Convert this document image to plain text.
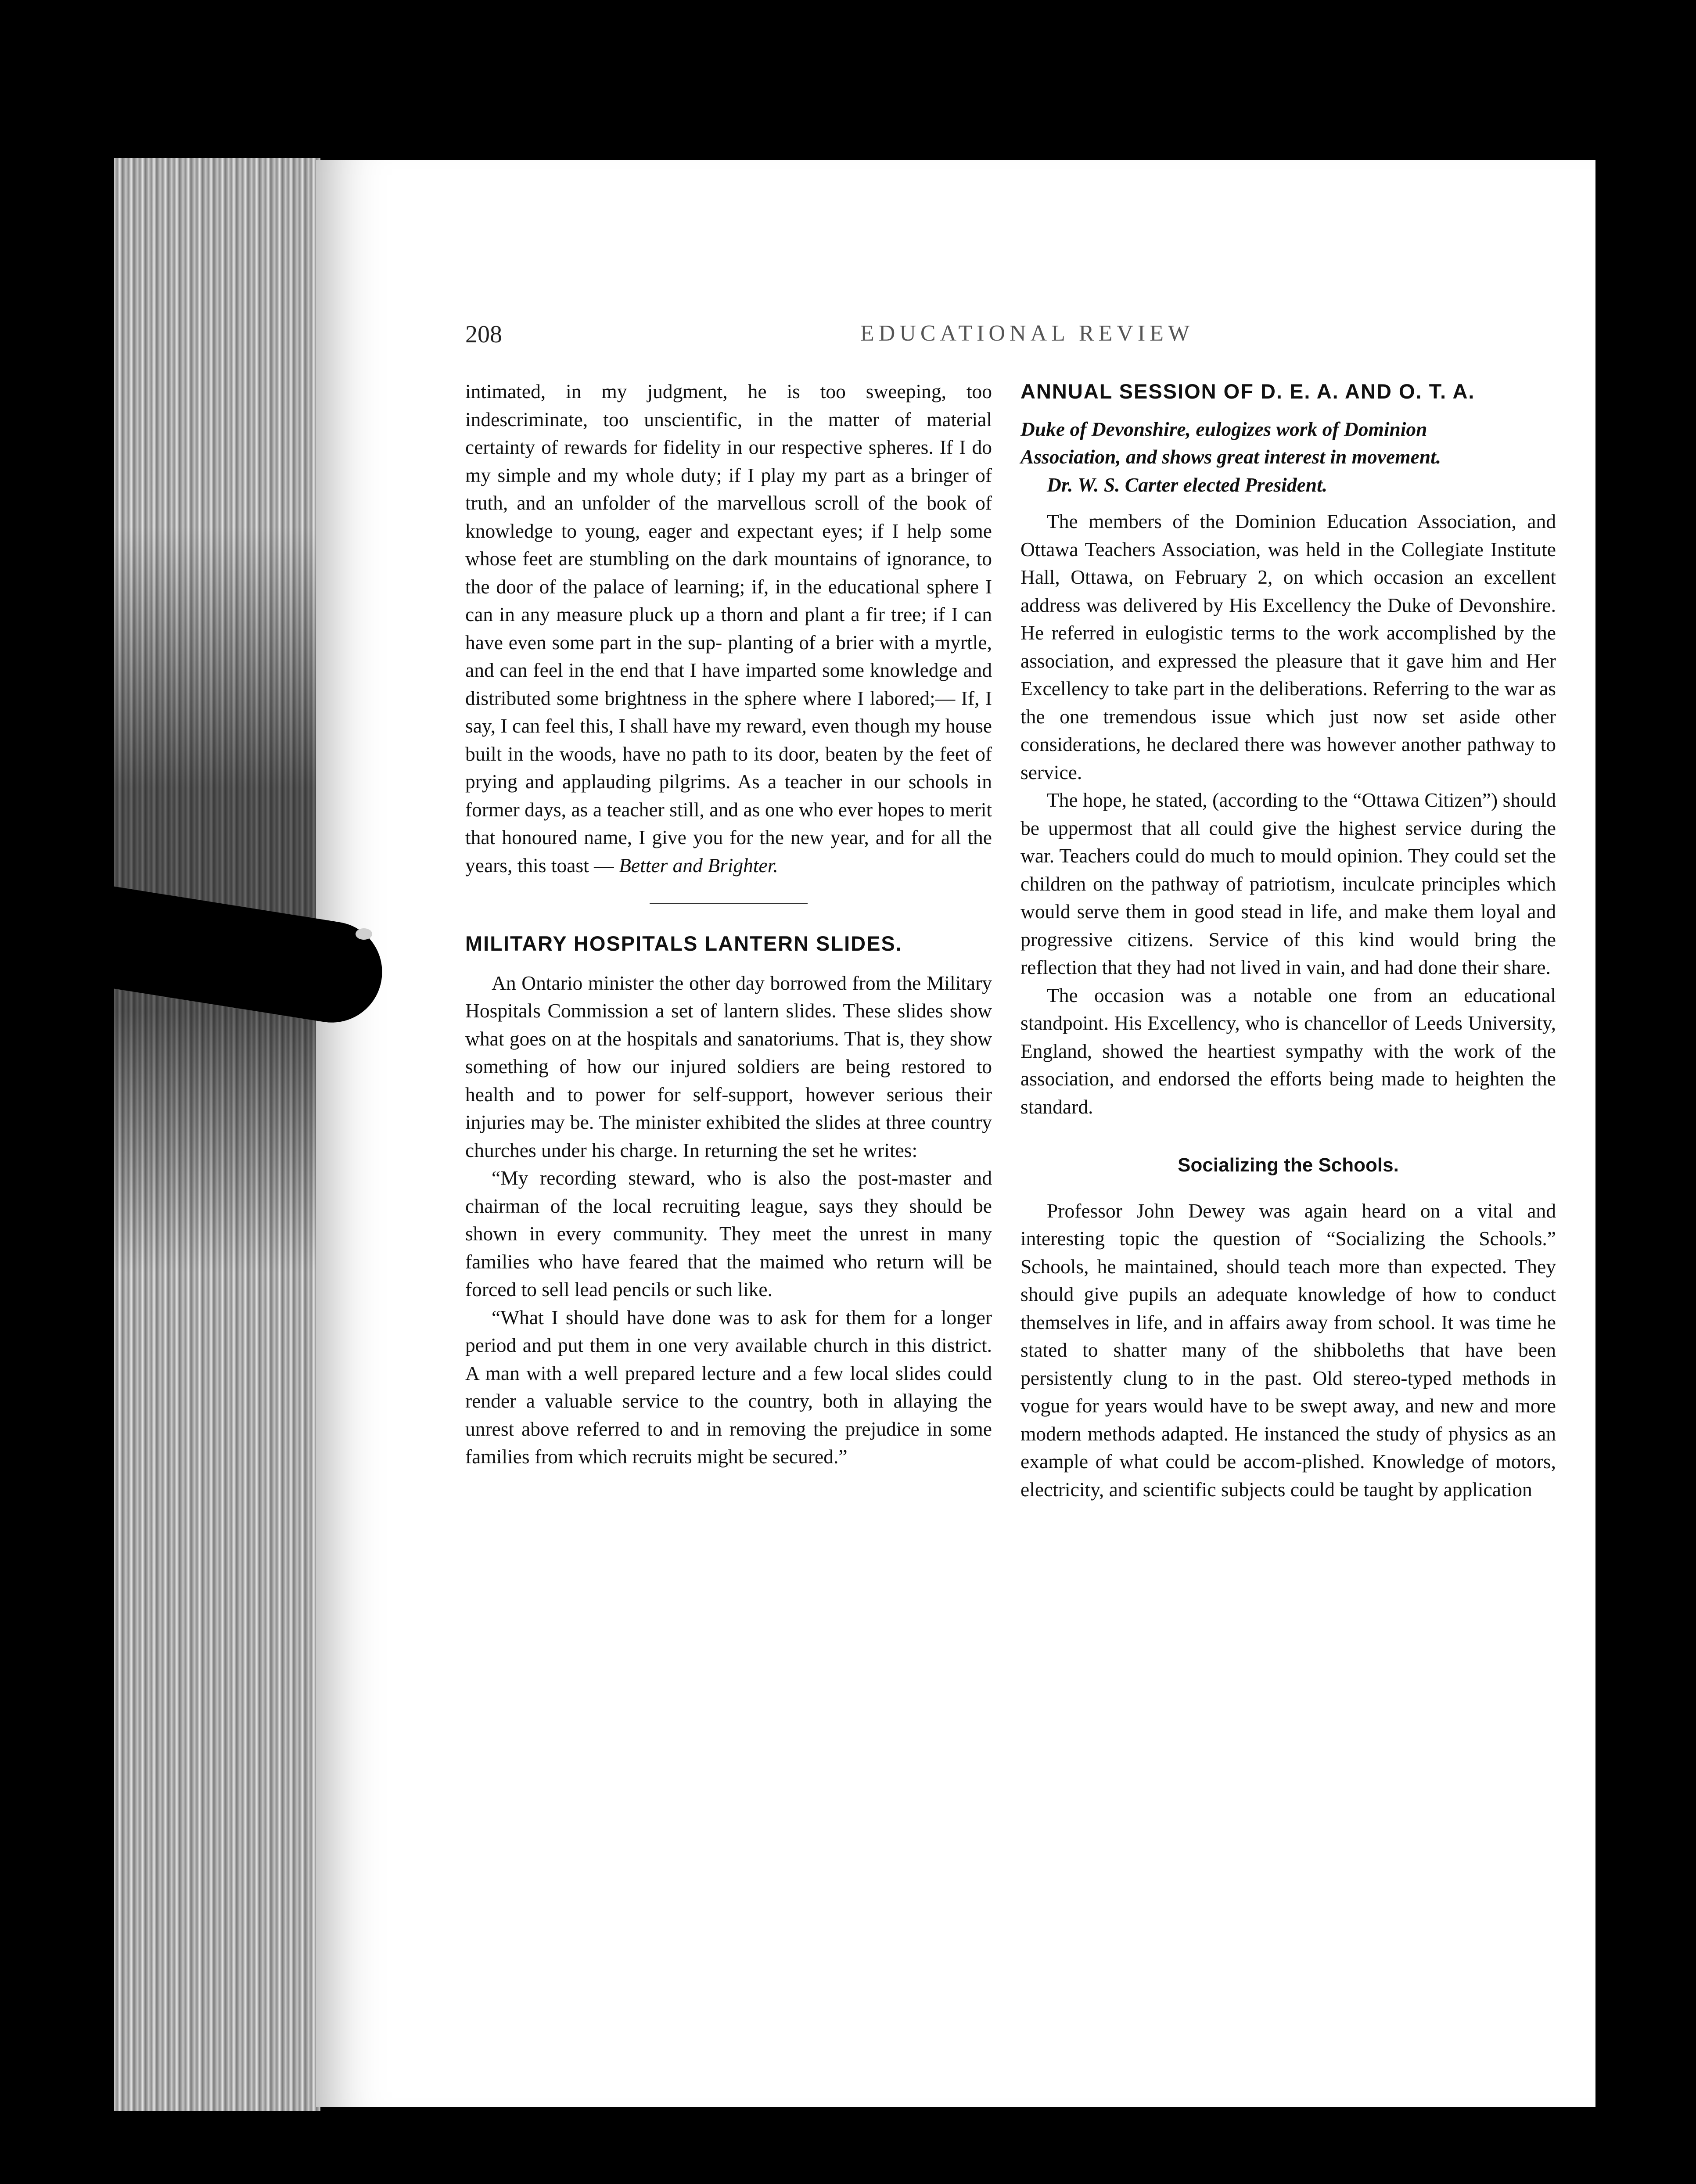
208	EDUCATIONAL REVIEW

intimated, in my judgment, he is too sweeping, too indescriminate, too unscientific, in the matter of material certainty of rewards for fidelity in our respective spheres. If I do my simple and my whole duty; if I play my part as a bringer of truth, and an unfolder of the marvellous scroll of the book of knowledge to young, eager and expectant eyes; if I help some whose feet are stumbling on the dark mountains of ignorance, to the door of the palace of learning; if, in the educational sphere I can in any measure pluck up a thorn and plant a fir tree; if I can have even some part in the sup- planting of a brier with a myrtle, and can feel in the end that I have imparted some knowledge and distributed some brightness in the sphere where I labored;— If, I say, I can feel this, I shall have my reward, even though my house built in the woods, have no path to its door, beaten by the feet of prying and applauding pilgrims. As a teacher in our schools in former days, as a teacher still, and as one who ever hopes to merit that honoured name, I give you for the new year, and for all the years, this toast — Better and Brighter.

MILITARY HOSPITALS LANTERN SLIDES.

An Ontario minister the other day borrowed from the Military Hospitals Commission a set of lantern slides. These slides show what goes on at the hospitals and sanatoriums. That is, they show something of how our injured soldiers are being restored to health and to power for self-support, however serious their injuries may be. The minister exhibited the slides at three country churches under his charge. In returning the set he writes:

“My recording steward, who is also the post-master and chairman of the local recruiting league, says they should be shown in every community. They meet the unrest in many families who have feared that the maimed who return will be forced to sell lead pencils or such like.

“What I should have done was to ask for them for a longer period and put them in one very available church in this district. A man with a well prepared lecture and a few local slides could render a valuable service to the country, both in allaying the unrest above referred to and in removing the prejudice in some families from which recruits might be secured.”

ANNUAL SESSION OF D. E. A. AND O. T. A.

Duke of Devonshire, eulogizes work of Dominion
Association, and shows great interest in movement.
Dr. W. S. Carter elected President.

The members of the Dominion Education Association, and Ottawa Teachers Association, was held in the Collegiate Institute Hall, Ottawa, on February 2, on which occasion an excellent address was delivered by His Excellency the Duke of Devonshire. He referred in eulogistic terms to the work accomplished by the association, and expressed the pleasure that it gave him and Her Excellency to take part in the deliberations. Referring to the war as the one tremendous issue which just now set aside other considerations, he declared there was however another pathway to service.

The hope, he stated, (according to the “Ottawa Citizen”) should be uppermost that all could give the highest service during the war. Teachers could do much to mould opinion. They could set the children on the pathway of patriotism, inculcate principles which would serve them in good stead in life, and make them loyal and progressive citizens. Service of this kind would bring the reflection that they had not lived in vain, and had done their share.

The occasion was a notable one from an educational standpoint. His Excellency, who is chancellor of Leeds University, England, showed the heartiest sympathy with the work of the association, and endorsed the efforts being made to heighten the standard.

Socializing the Schools.

Professor John Dewey was again heard on a vital and interesting topic the question of “Socializing the Schools.” Schools, he maintained, should teach more than expected. They should give pupils an adequate knowledge of how to conduct themselves in life, and in affairs away from school. It was time he stated to shatter many of the shibboleths that have been persistently clung to in the past. Old stereo-typed methods in vogue for years would have to be swept away, and new and more modern methods adapted. He instanced the study of physics as an example of what could be accom-plished. Knowledge of motors, electricity, and scientific subjects could be taught by application
